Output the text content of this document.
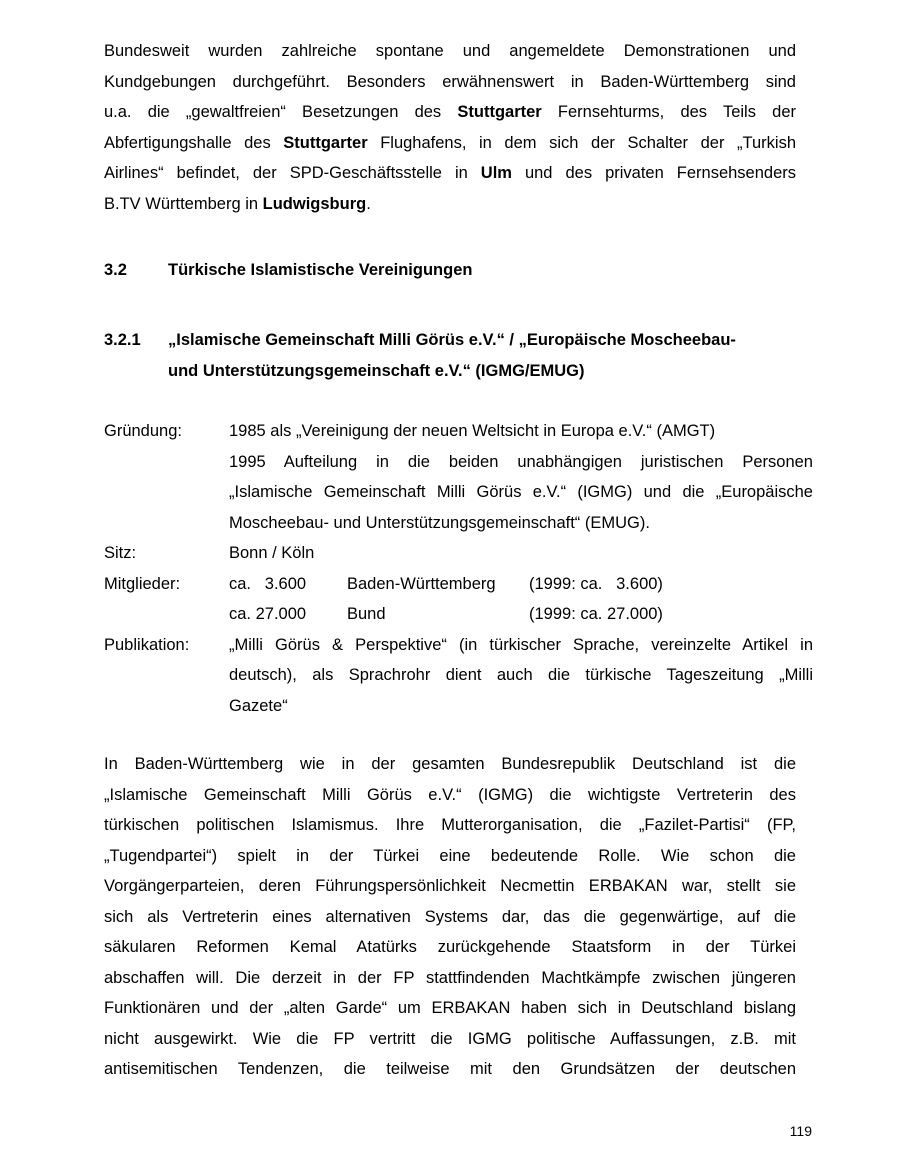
Bundesweit wurden zahlreiche spontane und angemeldete Demonstrationen und
Kundgebungen durchgeführt. Besonders erwähnenswert in Baden-Württemberg sind
u.a. die „gewaltfreien“ Besetzungen des Stuttgarter Fernsehturms, des Teils der
Abfertigungshalle des Stuttgarter Flughafens, in dem sich der Schalter der „Turkish
Airlines“ befindet, der SPD-Geschäftsstelle in Ulm und des privaten Fernsehsenders
B.TV Württemberg in Ludwigsburg.
3.2 Türkische Islamistische Vereinigungen
3.2.1 „Islamische Gemeinschaft Milli Görüs e.V.“ / „Europäische Moscheebau-
und Unterstützungsgemeinschaft e.V.“ (IGMG/EMUG)
Gründung:	1985 als „Vereinigung der neuen Weltsicht in Europa e.V.“ (AMGT)
1995 Aufteilung in die beiden unabhängigen juristischen Personen
„Islamische Gemeinschaft Milli Görüs e.V.“ (IGMG) und die „Europäische
Moscheebau- und Unterstützungsgemeinschaft“ (EMUG).
Sitz:	Bonn / Köln
Mitglieder:	ca.   3.600 Baden-Württemberg (1999: ca.   3.600)
ca. 27.000 Bund	(1999: ca. 27.000)
Publikation: „Milli Görüs & Perspektive“ (in türkischer Sprache, vereinzelte Artikel in
deutsch), als Sprachrohr dient auch die türkische Tageszeitung „Milli
Gazete“
In Baden-Württemberg wie in der gesamten Bundesrepublik Deutschland ist die
„Islamische Gemeinschaft Milli Görüs e.V.“ (IGMG) die wichtigste Vertreterin des
türkischen politischen Islamismus. Ihre Mutterorganisation, die „Fazilet-Partisi“ (FP,
„Tugendpartei“) spielt in der Türkei eine bedeutende Rolle. Wie schon die
Vorgängerparteien, deren Führungspersönlichkeit Necmettin ERBAKAN war, stellt sie
sich als Vertreterin eines alternativen Systems dar, das die gegenwärtige, auf die
säkularen Reformen Kemal Atatürks zurückgehende Staatsform in der Türkei
abschaffen will. Die derzeit in der FP stattfindenden Machtkämpfe zwischen jüngeren
Funktionären und der „alten Garde“ um ERBAKAN haben sich in Deutschland bislang
nicht ausgewirkt. Wie die FP vertritt die IGMG politische Auffassungen, z.B. mit
antisemitischen Tendenzen, die teilweise mit den Grundsätzen der deutschen
119
